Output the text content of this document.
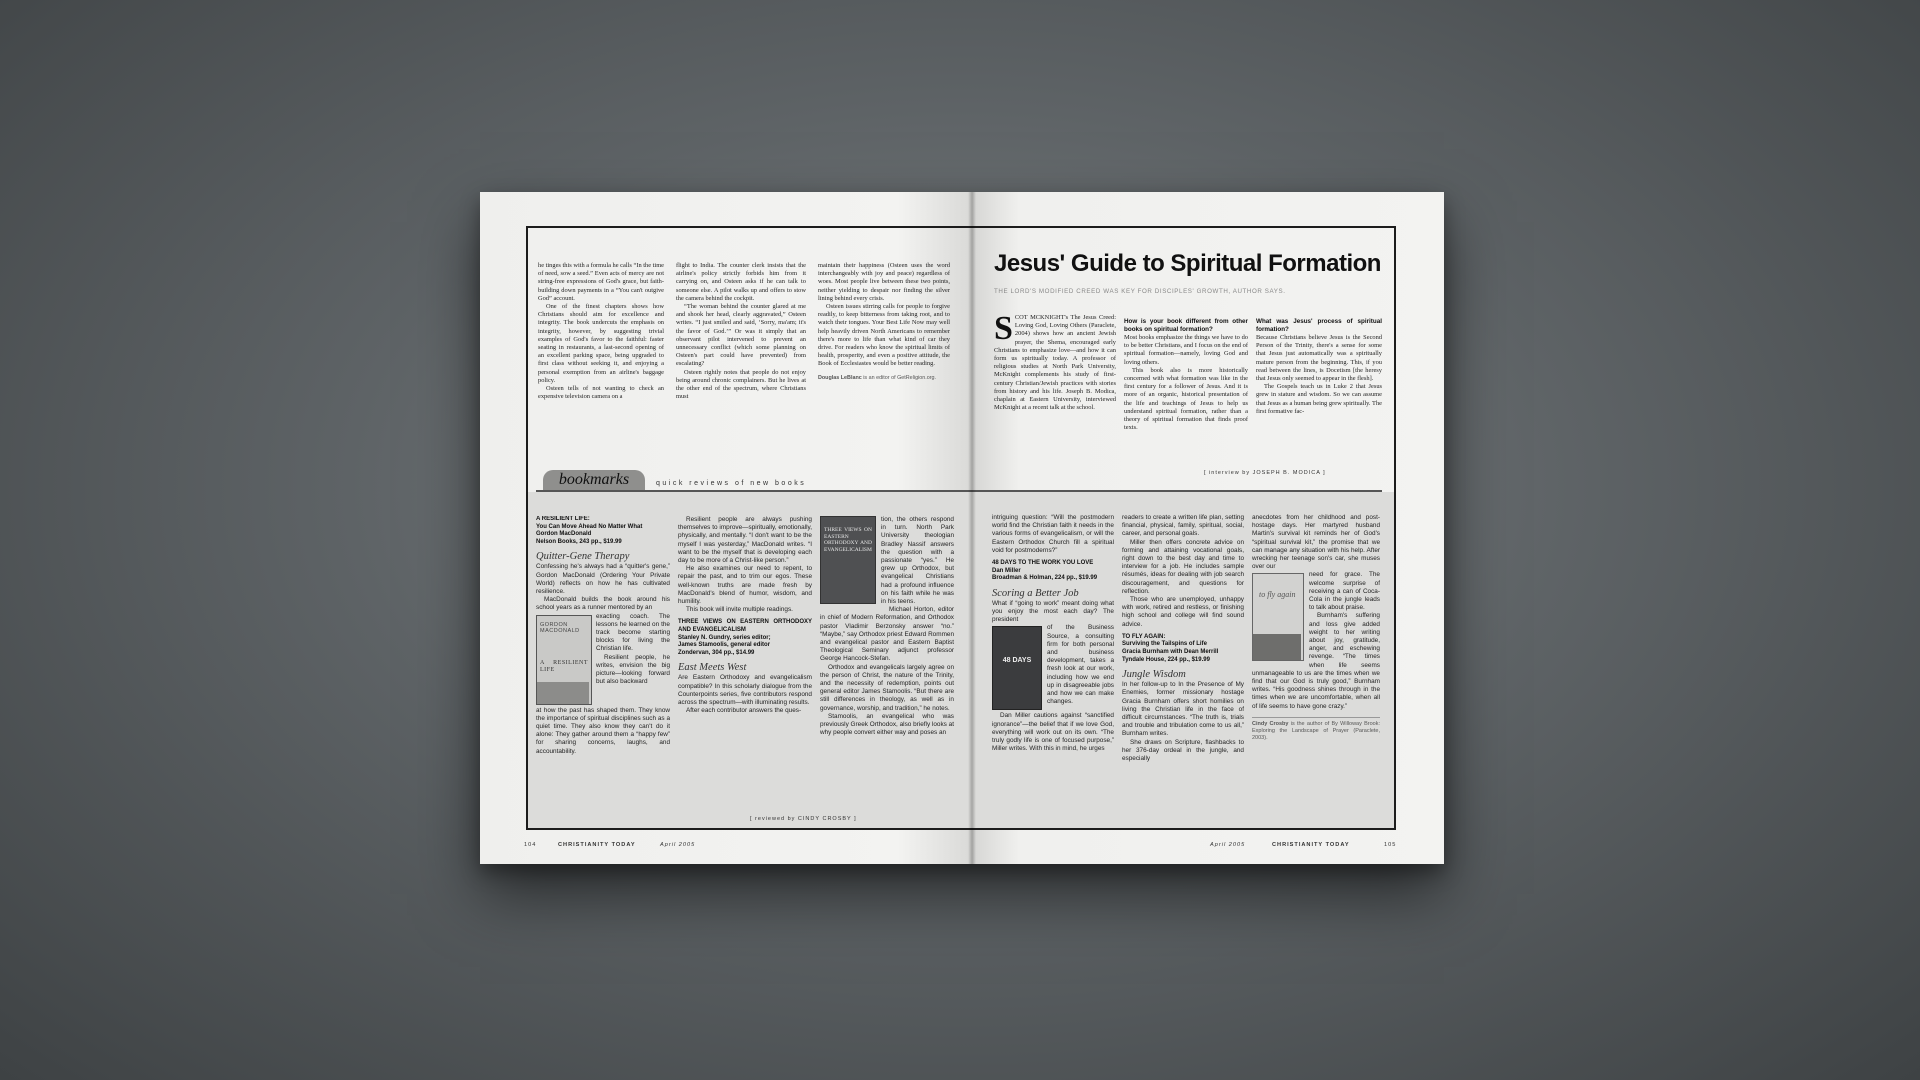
he tinges this with a formula he calls “In the time of need, sow a seed.” Even acts of mercy are not string-free expressions of God's grace, but faith-building down payments in a “You can't outgive God” account.
One of the finest chapters shows how Christians should aim for excellence and integrity. The book undercuts the emphasis on integrity, however, by suggesting trivial examples of God's favor to the faithful: faster seating in restaurants, a last-second opening of an excellent parking space, being upgraded to first class without seeking it, and enjoying a personal exemption from an airline's baggage policy.
Osteen tells of not wanting to check an expensive television camera on a
flight to India. The counter clerk insists that the airline's policy strictly forbids him from it carrying on, and Osteen asks if he can talk to someone else. A pilot walks up and offers to stow the camera behind the cockpit.
“The woman behind the counter glared at me and shook her head, clearly aggravated,” Osteen writes. “I just smiled and said, ‘Sorry, ma'am; it's the favor of God.’” Or was it simply that an observant pilot intervened to prevent an unnecessary conflict (which some planning on Osteen's part could have prevented) from escalating?
Osteen rightly notes that people do not enjoy being around chronic complainers. But he lives at the other end of the spectrum, where Christians must
maintain their happiness (Osteen uses the word interchangeably with joy and peace) regardless of woes. Most people live between these two points, neither yielding to despair nor finding the silver lining behind every crisis.
Osteen issues stirring calls for people to forgive readily, to keep bitterness from taking root, and to watch their tongues. Your Best Life Now may well help heavily driven North Americans to remember there's more to life than what kind of car they drive. For readers who know the spiritual limits of health, prosperity, and even a positive attitude, the Book of Ecclesiastes would be better reading.
Douglas LeBlanc is an editor of GetReligion.org.
bookmarks	quick reviews of new books
A RESILIENT LIFE:
You Can Move Ahead No Matter What
Gordon MacDonald
Nelson Books, 243 pp., $19.99
Quitter-Gene Therapy
Confessing he's always had a “quitter's gene,” Gordon MacDonald (Ordering Your Private World) reflects on how he has cultivated resilience.
MacDonald builds the book around his school years as a runner mentored by an
GORDON MACDONALD
A RESILIENT LIFE
exacting coach. The lessons he learned on the track become starting blocks for living the Christian life.
Resilient people, he writes, envision the big picture—looking forward but also backward
at how the past has shaped them. They know the importance of spiritual disciplines such as a quiet time. They also know they can't do it alone: They gather around them a “happy few” for sharing concerns, laughs, and accountability.
Resilient people are always pushing themselves to improve—spiritually, emotionally, physically, and mentally. “I don't want to be the myself I was yesterday,” MacDonald writes. “I want to be the myself that is developing each day to be more of a Christ-like person.”
He also examines our need to repent, to repair the past, and to trim our egos. These well-known truths are made fresh by MacDonald's blend of humor, wisdom, and humility.
This book will invite multiple readings.
THREE VIEWS ON EASTERN ORTHODOXY AND EVANGELICALISM
Stanley N. Gundry, series editor;
James Stamoolis, general editor
Zondervan, 304 pp., $14.99
East Meets West
Are Eastern Orthodoxy and evangelicalism compatible? In this scholarly dialogue from the Counterpoints series, five contributors respond across the spectrum—with illuminating results.
After each contributor answers the ques-
THREE VIEWS ON EASTERN ORTHODOXY AND EVANGELICALISM
tion, the others respond in turn. North Park University theologian Bradley Nassif answers the question with a passionate “yes.” He grew up Orthodox, but evangelical Christians had a profound influence on his faith while he was in his teens.
Michael Horton, editor in chief of Modern Reformation, and Orthodox pastor Vladimir Berzonsky answer “no.” “Maybe,” say Orthodox priest Edward Rommen and evangelical pastor and Eastern Baptist Theological Seminary adjunct professor George Hancock-Stefan.
Orthodox and evangelicals largely agree on the person of Christ, the nature of the Trinity, and the necessity of redemption, points out general editor James Stamoolis. “But there are still differences in theology, as well as in governance, worship, and tradition,” he notes.
Stamoolis, an evangelical who was previously Greek Orthodox, also briefly looks at why people convert either way and poses an
[ reviewed by CINDY CROSBY ]
104	CHRISTIANITY TODAY	April 2005
Jesus' Guide to Spiritual Formation
THE LORD'S MODIFIED CREED WAS KEY FOR DISCIPLES' GROWTH, AUTHOR SAYS.
SCOT MCKNIGHT's The Jesus Creed: Loving God, Loving Others (Paraclete, 2004) shows how an ancient Jewish prayer, the Shema, encouraged early Christians to emphasize love—and how it can form us spiritually today. A professor of religious studies at North Park University, McKnight complements his study of first-century Christian/Jewish practices with stories from history and his life. Joseph B. Modica, chaplain at Eastern University, interviewed McKnight at a recent talk at the school.
How is your book different from other books on spiritual formation?
Most books emphasize the things we have to do to be better Christians, and I focus on the end of spiritual formation—namely, loving God and loving others.
This book also is more historically concerned with what formation was like in the first century for a follower of Jesus. And it is more of an organic, historical presentation of the life and teachings of Jesus to help us understand spiritual formation, rather than a theory of spiritual formation that finds proof texts.
What was Jesus' process of spiritual formation?
Because Christians believe Jesus is the Second Person of the Trinity, there's a sense for some that Jesus just automatically was a spiritually mature person from the beginning. This, if you read between the lines, is Docetism [the heresy that Jesus only seemed to appear in the flesh].
The Gospels teach us in Luke 2 that Jesus grew in stature and wisdom. So we can assume that Jesus as a human being grew spiritually. The first formative fac-
[ interview by JOSEPH B. MODICA ]
intriguing question: “Will the postmodern world find the Christian faith it needs in the various forms of evangelicalism, or will the Eastern Orthodox Church fill a spiritual void for postmoderns?”
48 DAYS TO THE WORK YOU LOVE
Dan Miller
Broadman & Holman, 224 pp., $19.99
Scoring a Better Job
What if “going to work” meant doing what you enjoy the most each day? The president
48 DAYS
of the Business Source, a consulting firm for both personal and business development, takes a fresh look at our work, including how we end up in disagreeable jobs and how we can make changes.
Dan Miller cautions against “sanctified ignorance”—the belief that if we love God, everything will work out on its own. “The truly godly life is one of focused purpose,” Miller writes. With this in mind, he urges
readers to create a written life plan, setting financial, physical, family, spiritual, social, career, and personal goals.
Miller then offers concrete advice on forming and attaining vocational goals, right down to the best day and time to interview for a job. He includes sample résumés, ideas for dealing with job search discouragement, and questions for reflection.
Those who are unemployed, unhappy with work, retired and restless, or finishing high school and college will find sound advice.
TO FLY AGAIN:
Surviving the Tailspins of Life
Gracia Burnham with Dean Merrill
Tyndale House, 224 pp., $19.99
Jungle Wisdom
In her follow-up to In the Presence of My Enemies, former missionary hostage Gracia Burnham offers short homilies on living the Christian life in the face of difficult circumstances. “The truth is, trials and trouble and tribulation come to us all,” Burnham writes.
She draws on Scripture, flashbacks to her 376-day ordeal in the jungle, and especially
anecdotes from her childhood and post-hostage days. Her martyred husband Martin's survival kit reminds her of God's “spiritual survival kit,” the promise that we can manage any situation with his help. After wrecking her teenage son's car, she muses over our
to fly again
need for grace. The welcome surprise of receiving a can of Coca-Cola in the jungle leads to talk about praise.
Burnham's suffering and loss give added weight to her writing about joy, gratitude, anger, and eschewing revenge. “The times when life seems unmanageable to us are the times when we find that our God is truly good,” Burnham writes. “His goodness shines through in the times when we are uncomfortable, when all of life seems to have gone crazy.”
Cindy Crosby is the author of By Willoway Brook: Exploring the Landscape of Prayer (Paraclete, 2003).
April 2005	CHRISTIANITY TODAY	105
